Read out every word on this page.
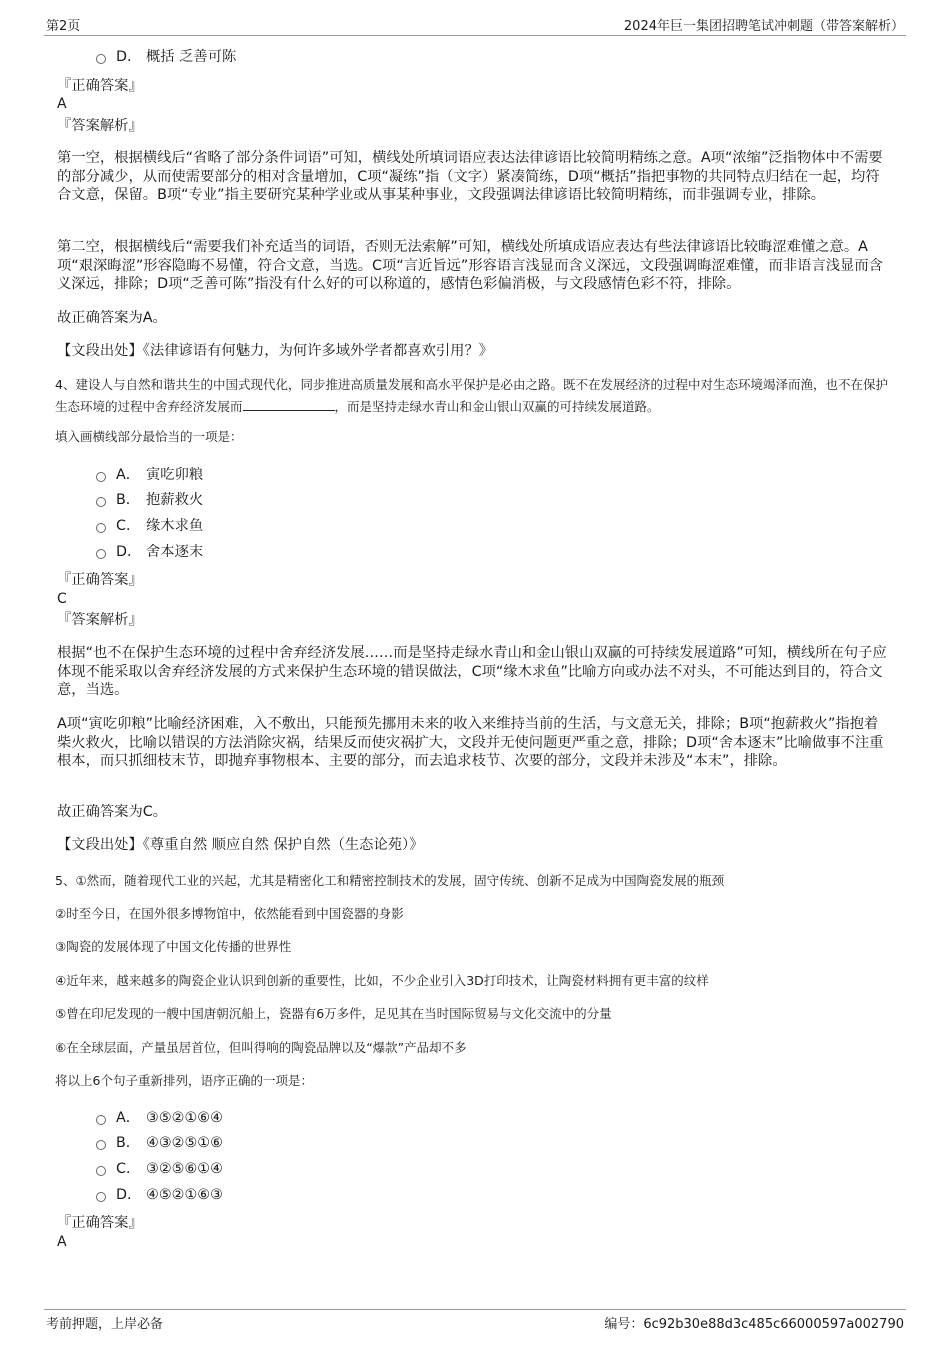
第2页	2024年巨一集团招聘笔试冲刺题（带答案解析）
D． 概括 乏善可陈
『正确答案』
A
『答案解析』
第一空，根据横线后“省略了部分条件词语”可知，横线处所填词语应表达法律谚语比较简明精练之意。A项“浓缩”泛指物体中不需要的部分减少，从而使需要部分的相对含量增加，C项“凝练”指（文字）紧凑简练，D项“概括”指把事物的共同特点归结在一起，均符合文意，保留。B项“专业”指主要研究某种学业或从事某种事业，文段强调法律谚语比较简明精练，而非强调专业，排除。
第二空，根据横线后“需要我们补充适当的词语，否则无法索解”可知，横线处所填成语应表达有些法律谚语比较晦涩难懂之意。A项“艰深晦涩”形容隐晦不易懂，符合文意，当选。C项“言近旨远”形容语言浅显而含义深远，文段强调晦涩难懂，而非语言浅显而含义深远，排除；D项“乏善可陈”指没有什么好的可以称道的，感情色彩偏消极，与文段感情色彩不符，排除。
故正确答案为A。
【文段出处】《法律谚语有何魅力，为何许多域外学者都喜欢引用？》
4、建设人与自然和谐共生的中国式现代化，同步推进高质量发展和高水平保护是必由之路。既不在发展经济的过程中对生态环境竭泽而渔，也不在保护生态环境的过程中舍弃经济发展而	，而是坚持走绿水青山和金山银山双赢的可持续发展道路。
填入画横线部分最恰当的一项是：
A． 寅吃卯粮
B． 抱薪救火
C． 缘木求鱼
D． 舍本逐末
『正确答案』
C
『答案解析』
根据“也不在保护生态环境的过程中舍弃经济发展……而是坚持走绿水青山和金山银山双赢的可持续发展道路”可知，横线所在句子应体现不能采取以舍弃经济发展的方式来保护生态环境的错误做法，C项“缘木求鱼”比喻方向或办法不对头，不可能达到目的，符合文意，当选。
A项“寅吃卯粮”比喻经济困难，入不敷出，只能预先挪用未来的收入来维持当前的生活，与文意无关，排除；B项“抱薪救火”指抱着柴火救火，比喻以错误的方法消除灾祸，结果反而使灾祸扩大，文段并无使问题更严重之意，排除；D项“舍本逐末”比喻做事不注重根本，而只抓细枝末节，即抛弃事物根本、主要的部分，而去追求枝节、次要的部分，文段并未涉及“本末”，排除。
故正确答案为C。
【文段出处】《尊重自然 顺应自然 保护自然（生态论苑）》
5、①然而，随着现代工业的兴起，尤其是精密化工和精密控制技术的发展，固守传统、创新不足成为中国陶瓷发展的瓶颈
②时至今日，在国外很多博物馆中，依然能看到中国瓷器的身影
③陶瓷的发展体现了中国文化传播的世界性
④近年来，越来越多的陶瓷企业认识到创新的重要性，比如，不少企业引入3D打印技术，让陶瓷材料拥有更丰富的纹样
⑤曾在印尼发现的一艘中国唐朝沉船上，瓷器有6万多件，足见其在当时国际贸易与文化交流中的分量
⑥在全球层面，产量虽居首位，但叫得响的陶瓷品牌以及“爆款”产品却不多
将以上6个句子重新排列，语序正确的一项是：
A． ③⑤②①⑥④
B． ④③②⑤①⑥
C． ③②⑤⑥①④
D． ④⑤②①⑥③
『正确答案』
A
考前押题，上岸必备	编号：6c92b30e88d3c485c66000597a002790
